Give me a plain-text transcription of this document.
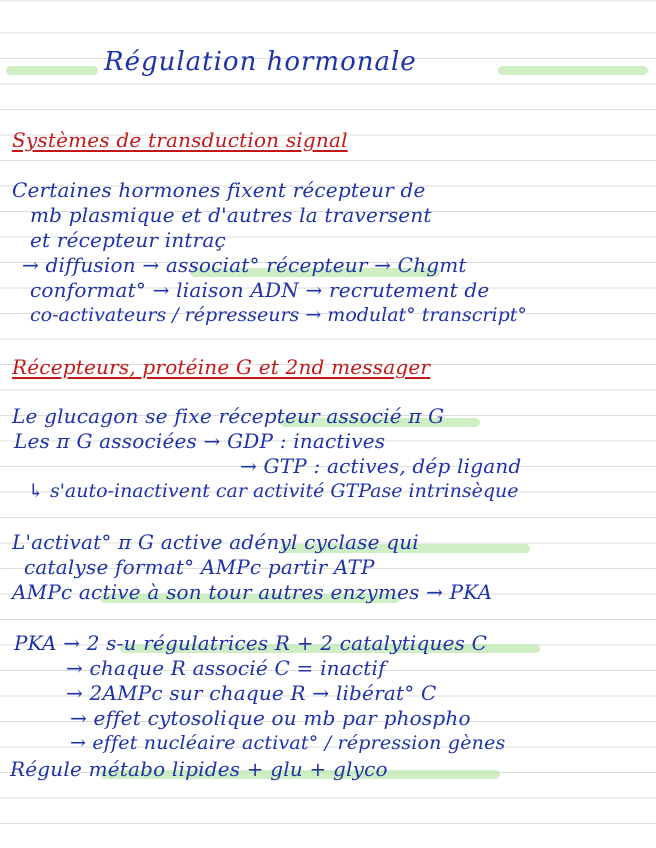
Régulation hormonale
Systèmes de transduction signal
Certaines hormones fixent récepteur de
mb plasmique et d'autres la traversent
et récepteur intraç
→ diffusion → associat° récepteur → Chgmt
conformat° → liaison ADN → recrutement de
co-activateurs / répresseurs → modulat° transcript°
Récepteurs, protéine G et 2nd messager
Le glucagon se fixe récepteur associé π G
Les π G associées → GDP : inactives
→ GTP : actives, dép ligand
↳ s'auto-inactivent car activité GTPase intrinsèque
L'activat° π G active adényl cyclase qui
catalyse format° AMPc partir ATP
AMPc active à son tour autres enzymes → PKA
PKA → 2 s-u régulatrices R + 2 catalytiques C
→ chaque R associé C = inactif
→ 2AMPc sur chaque R → libérat° C
→ effet cytosolique ou mb par phospho
→ effet nucléaire activat° / répression gènes
Régule métabo lipides + glu + glyco
